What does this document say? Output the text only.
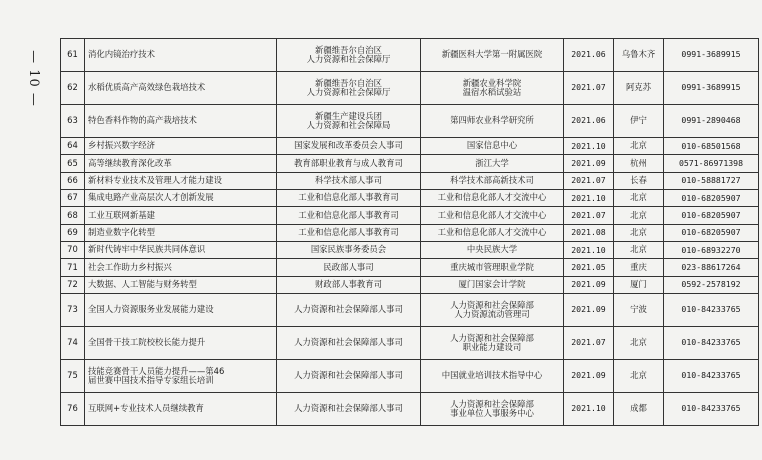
— 10 —	61	消化内镜治疗技术	新疆维吾尔自治区
人力资源和社会保障厅	新疆医科大学第一附属医院	2021.06	乌鲁木齐	0991-3689915
62	水稻优质高产高效绿色栽培技术	新疆维吾尔自治区
人力资源和社会保障厅	新疆农业科学院
温宿水稻试验站	2021.07	阿克苏	0991-3689915
63	特色香料作物的高产栽培技术	新疆生产建设兵团
人力资源和社会保障局	第四师农业科学研究所	2021.06	伊宁	0991-2890468
64	乡村振兴数字经济	国家发展和改革委员会人事司	国家信息中心	2021.10	北京	010-68501568
65	高等继续教育深化改革	教育部职业教育与成人教育司	浙江大学	2021.09	杭州	0571-86971398
66	新材料专业技术及管理人才能力建设	科学技术部人事司	科学技术部高新技术司	2021.07	长春	010-58881727
67	集成电路产业高层次人才创新发展	工业和信息化部人事教育司	工业和信息化部人才交流中心	2021.10	北京	010-68205907
68	工业互联网新基建	工业和信息化部人事教育司	工业和信息化部人才交流中心	2021.07	北京	010-68205907
69	制造业数字化转型	工业和信息化部人事教育司	工业和信息化部人才交流中心	2021.08	北京	010-68205907
70	新时代铸牢中华民族共同体意识	国家民族事务委员会	中央民族大学	2021.10	北京	010-68932270
71	社会工作助力乡村振兴	民政部人事司	重庆城市管理职业学院	2021.05	重庆	023-88617264
72	大数据、人工智能与财务转型	财政部人事教育司	厦门国家会计学院	2021.09	厦门	0592-2578192
73	全国人力资源服务业发展能力建设	人力资源和社会保障部人事司	人力资源和社会保障部
人力资源流动管理司	2021.09	宁波	010-84233765
74	全国骨干技工院校校长能力提升	人力资源和社会保障部人事司	人力资源和社会保障部
职业能力建设司	2021.07	北京	010-84233765
75	技能竞赛骨干人员能力提升——第46
届世赛中国技术指导专家组长培训	人力资源和社会保障部人事司	中国就业培训技术指导中心	2021.09	北京	010-84233765
76	互联网+专业技术人员继续教育	人力资源和社会保障部人事司	人力资源和社会保障部
事业单位人事服务中心	2021.10	成都	010-84233765
